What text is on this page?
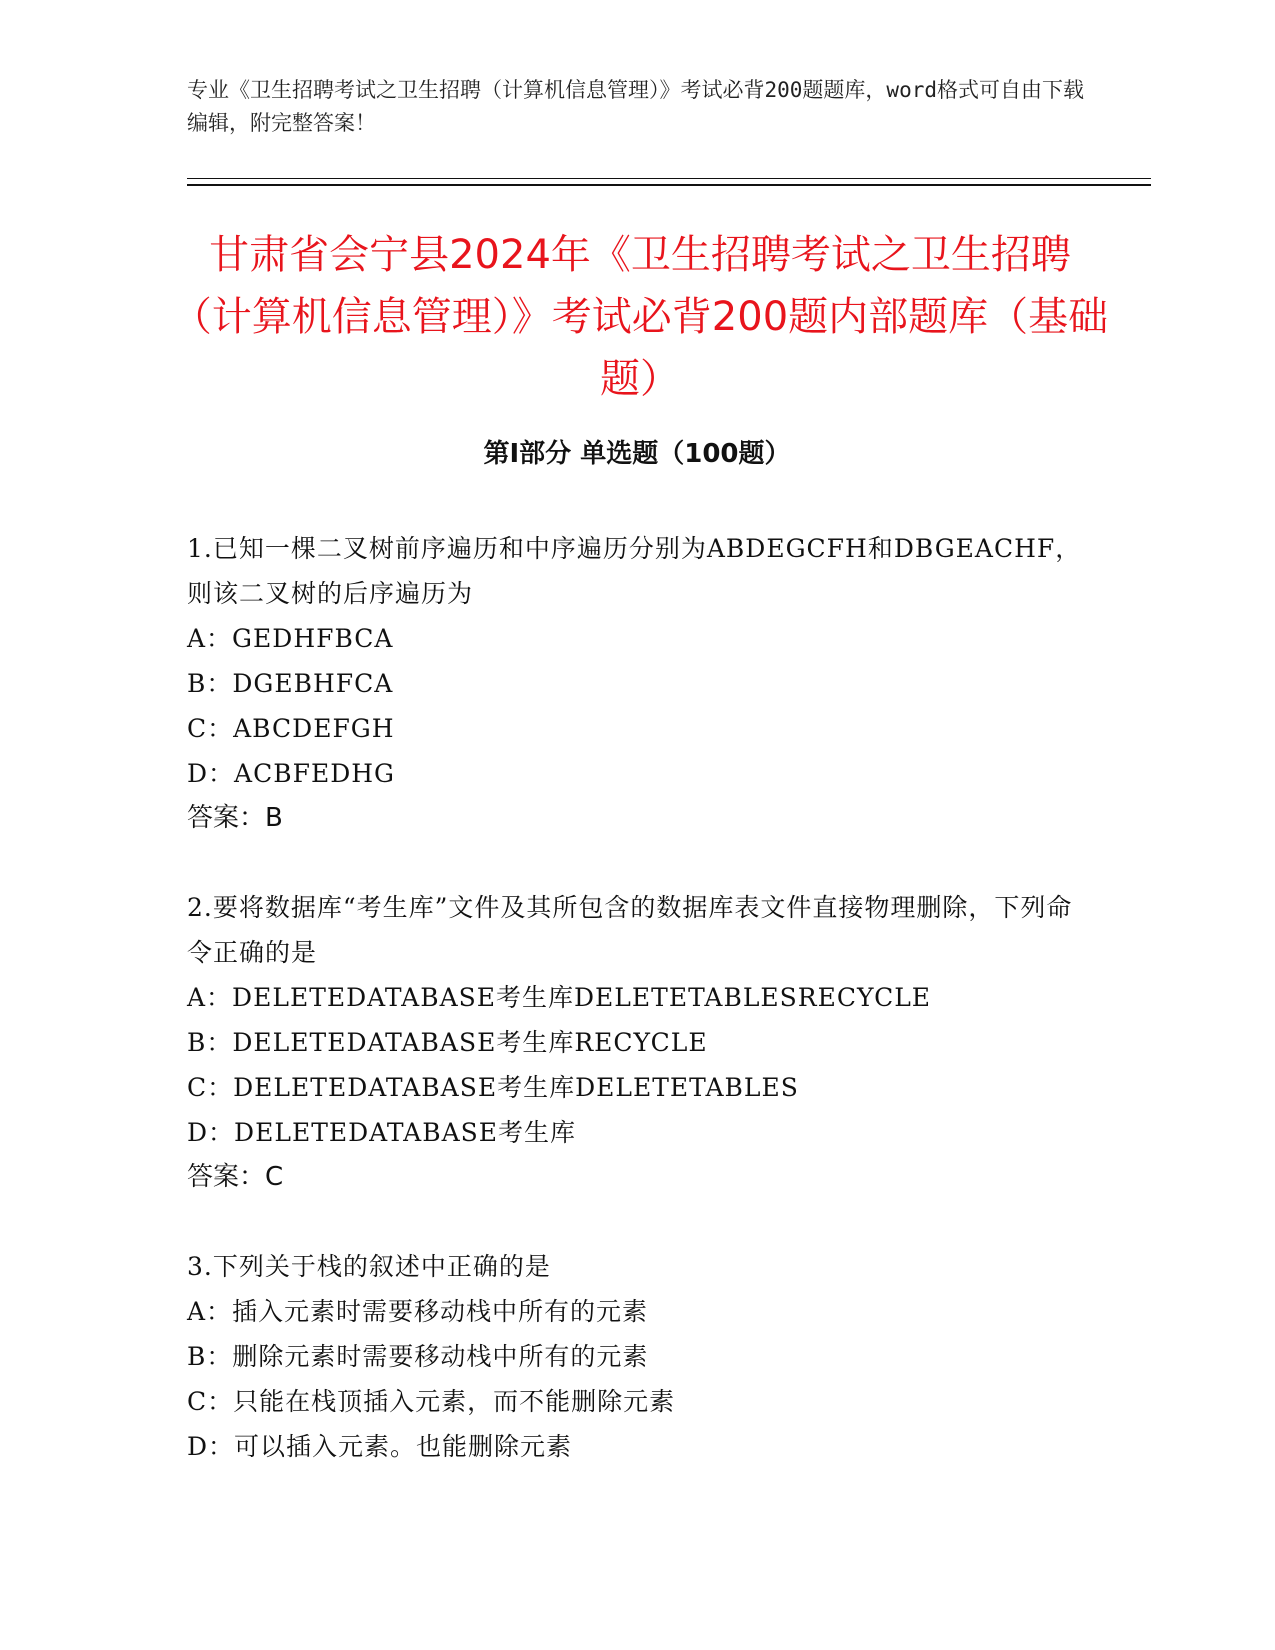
专业《卫生招聘考试之卫生招聘（计算机信息管理）》考试必背200题题库，word格式可自由下载编辑，附完整答案！

甘肃省会宁县2024年《卫生招聘考试之卫生招聘（计算机信息管理）》考试必背200题内部题库（基础题）
第Ⅰ部分 单选题（100题）

1.已知一棵二叉树前序遍历和中序遍历分别为ABDEGCFH和DBGEACHF，则该二叉树的后序遍历为

A：GEDHFBCA

B：DGEBHFCA

C：ABCDEFGH

D：ACBFEDHG

答案：B

2.要将数据库“考生库”文件及其所包含的数据库表文件直接物理删除，下列命令正确的是

A：DELETEDATABASE考生库DELETETABLESRECYCLE

B：DELETEDATABASE考生库RECYCLE

C：DELETEDATABASE考生库DELETETABLES

D：DELETEDATABASE考生库

答案：C

3.下列关于栈的叙述中正确的是

A：插入元素时需要移动栈中所有的元素

B：删除元素时需要移动栈中所有的元素

C：只能在栈顶插入元素，而不能删除元素

D：可以插入元素。也能删除元素
